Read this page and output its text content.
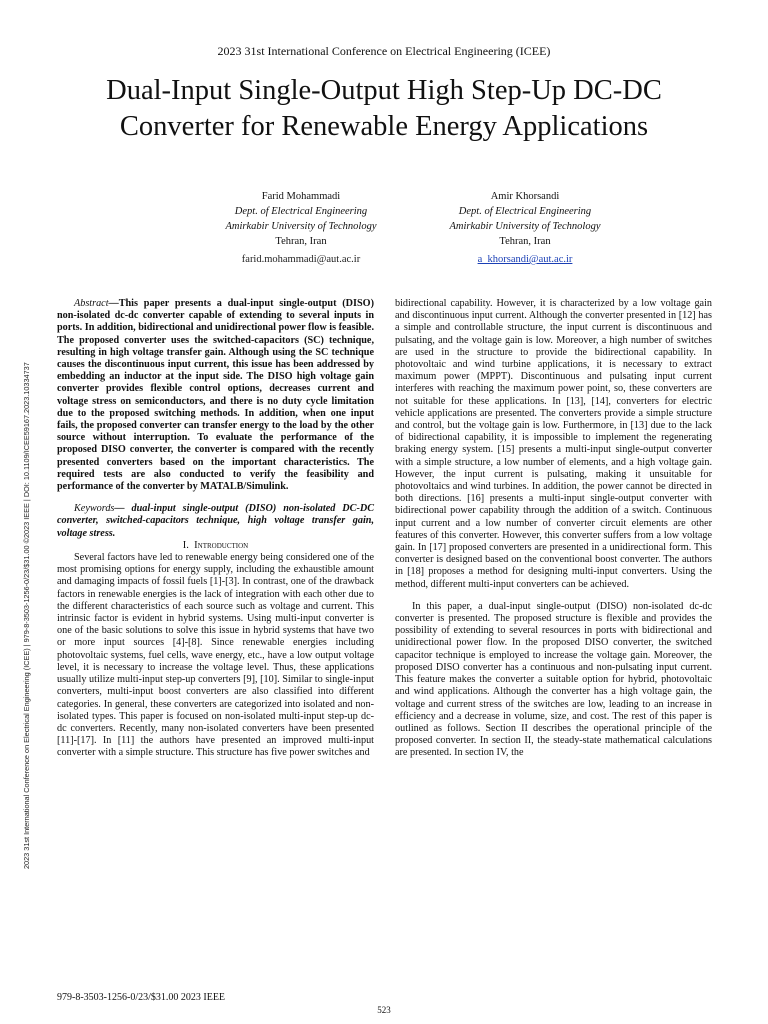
2023 31st International Conference on Electrical Engineering (ICEE)
Dual-Input Single-Output High Step-Up DC-DC
Converter for Renewable Energy Applications
Farid Mohammadi
Dept. of Electrical Engineering
Amirkabir University of Technology
Tehran, Iran
farid.mohammadi@aut.ac.ir
Amir Khorsandi
Dept. of Electrical Engineering
Amirkabir University of Technology
Tehran, Iran
a_khorsandi@aut.ac.ir
2023 31st International Conference on Electrical Engineering (ICEE) | 979-8-3503-1256-0/23/$31.00 ©2023 IEEE | DOI: 10.1109/ICEE59167.2023.10334737

Abstract—This paper presents a dual-input single-output (DISO) non-isolated dc-dc converter capable of extending to several inputs in ports. In addition, bidirectional and unidirectional power flow is feasible. The proposed converter uses the switched-capacitors (SC) technique, resulting in high voltage transfer gain. Although using the SC technique causes the discontinuous input current, this issue has been addressed by embedding an inductor at the input side. The DISO high voltage gain converter provides flexible control options, decreases current and voltage stress on semiconductors, and there is no duty cycle limitation due to the proposed switching methods. In addition, when one input fails, the proposed converter can transfer energy to the load by the other source without interruption. To evaluate the performance of the proposed DISO converter, the converter is compared with the recently presented converters based on the important characteristics. The required tests are also conducted to verify the feasibility and performance of the converter by MATALB/Simulink.

Keywords— dual-input single-output (DISO) non-isolated DC-DC converter, switched-capacitors technique, high voltage transfer gain, voltage stress.

I. Introduction

Several factors have led to renewable energy being considered one of the most promising options for energy supply, including the exhaustible amount and damaging impacts of fossil fuels [1]-[3]. In contrast, one of the drawback factors in renewable energies is the lack of integration with each other due to the different characteristics of each source such as voltage and current. This intrinsic factor is evident in hybrid systems. Using multi-input converter is one of the basic solutions to solve this issue in hybrid systems that have two or more input sources [4]-[8]. Since renewable energies including photovoltaic systems, fuel cells, wave energy, etc., have a low output voltage level, it is necessary to increase the voltage level. Thus, these applications usually utilize multi-input step-up converters [9], [10]. Similar to single-input converters, multi-input boost converters are also classified into different categories. In general, these converters are categorized into isolated and non-isolated types. This paper is focused on non-isolated multi-input step-up dc-dc converters. Recently, many non-isolated converters have been presented [11]-[17]. In [11] the authors have presented an improved multi-input converter with a simple structure. This structure has five power switches and

bidirectional capability. However, it is characterized by a low voltage gain and discontinuous input current. Although the converter presented in [12] has a simple and controllable structure, the input current is discontinuous and pulsating, and the voltage gain is low. Moreover, a high number of switches are used in the structure to provide the bidirectional capability. In photovoltaic and wind turbine applications, it is necessary to extract maximum power (MPPT). Discontinuous and pulsating input current interferes with reaching the maximum power point, so, these converters are not suitable for these applications. In [13], [14], converters for electric vehicle applications are presented. The converters provide a simple structure and control, but the voltage gain is low. Furthermore, in [13] due to the lack of bidirectional capability, it is impossible to implement the regenerating braking energy system. [15] presents a multi-input single-output converter with a simple structure, a low number of elements, and a high voltage gain. However, the input current is pulsating, making it unsuitable for photovoltaics and wind turbines. In addition, the power cannot be directed in both directions. [16] presents a multi-input single-output converter with bidirectional power capability through the addition of a switch. Continuous input current and a low number of converter circuit elements are other features of this converter. However, this converter suffers from a low voltage gain. In [17] proposed converters are presented in a unidirectional form. This converter is designed based on the conventional boost converter. The authors in [18] proposes a method for designing multi-input converters. Using the method, different multi-input converters can be achieved.

In this paper, a dual-input single-output (DISO) non-isolated dc-dc converter is presented. The proposed structure is flexible and provides the possibility of extending to several resources in ports with bidirectional and unidirectional power flow. In the proposed DISO converter, the switched capacitor technique is employed to increase the voltage gain. Moreover, the proposed DISO converter has a continuous and non-pulsating input current. This feature makes the converter a suitable option for hybrid, photovoltaic and wind applications. Although the converter has a high voltage gain, the voltage and current stress of the switches are low, leading to an increase in efficiency and a decrease in volume, size, and cost. The rest of this paper is outlined as follows. Section II describes the operational principle of the proposed converter. In section II, the steady-state mathematical calculations are presented. In section IV, the

979-8-3503-1256-0/23/$31.00 2023 IEEE
523
